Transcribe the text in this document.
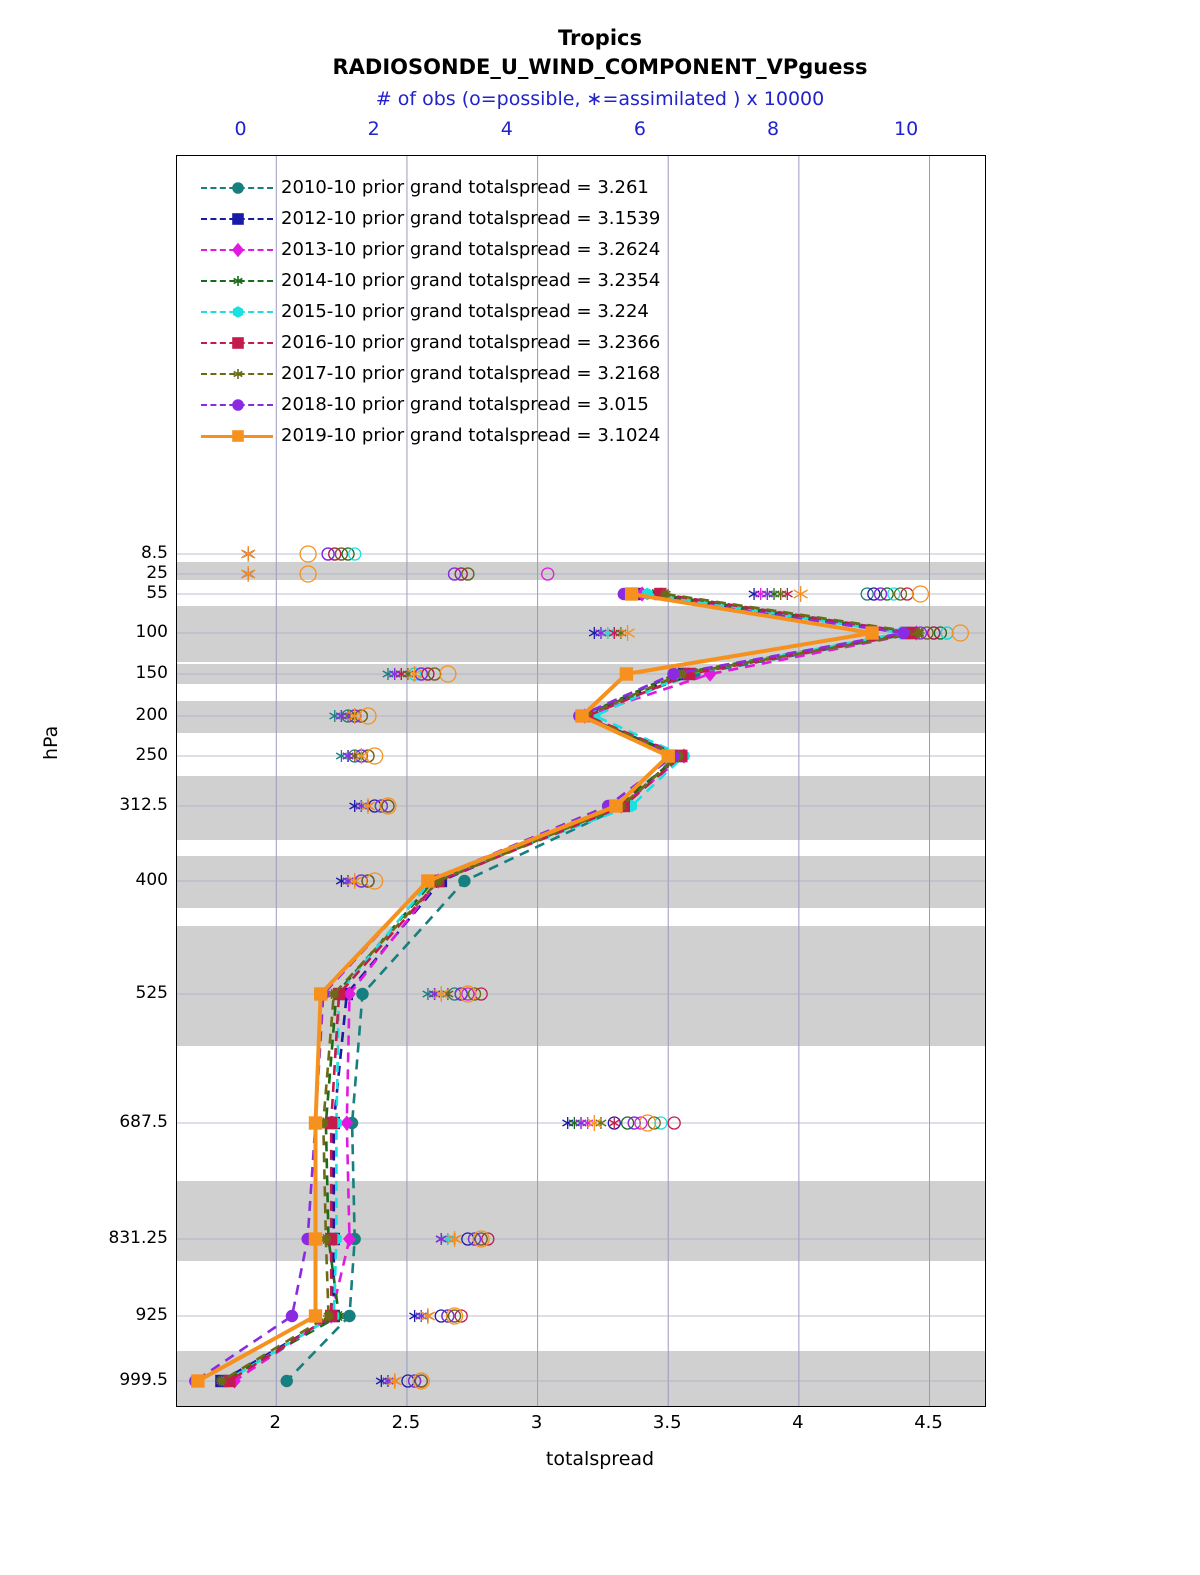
Tropics
RADIOSONDE_U_WIND_COMPONENT_VPguess
# of obs (o=possible, ∗=assimilated ) x 10000
0	2	4	6	8	10
hPa
2010-10 prior grand totalspread = 3.261
2012-10 prior grand totalspread = 3.1539
2013-10 prior grand totalspread = 3.2624
2014-10 prior grand totalspread = 3.2354
2015-10 prior grand totalspread = 3.224
2016-10 prior grand totalspread = 3.2366
2017-10 prior grand totalspread = 3.2168
2018-10 prior grand totalspread = 3.015
2019-10 prior grand totalspread = 3.1024
8.5
25
55
100
150
200
250
312.5
400
525
687.5
831.25
925
999.5
2	2.5	3	3.5	4	4.5
totalspread
